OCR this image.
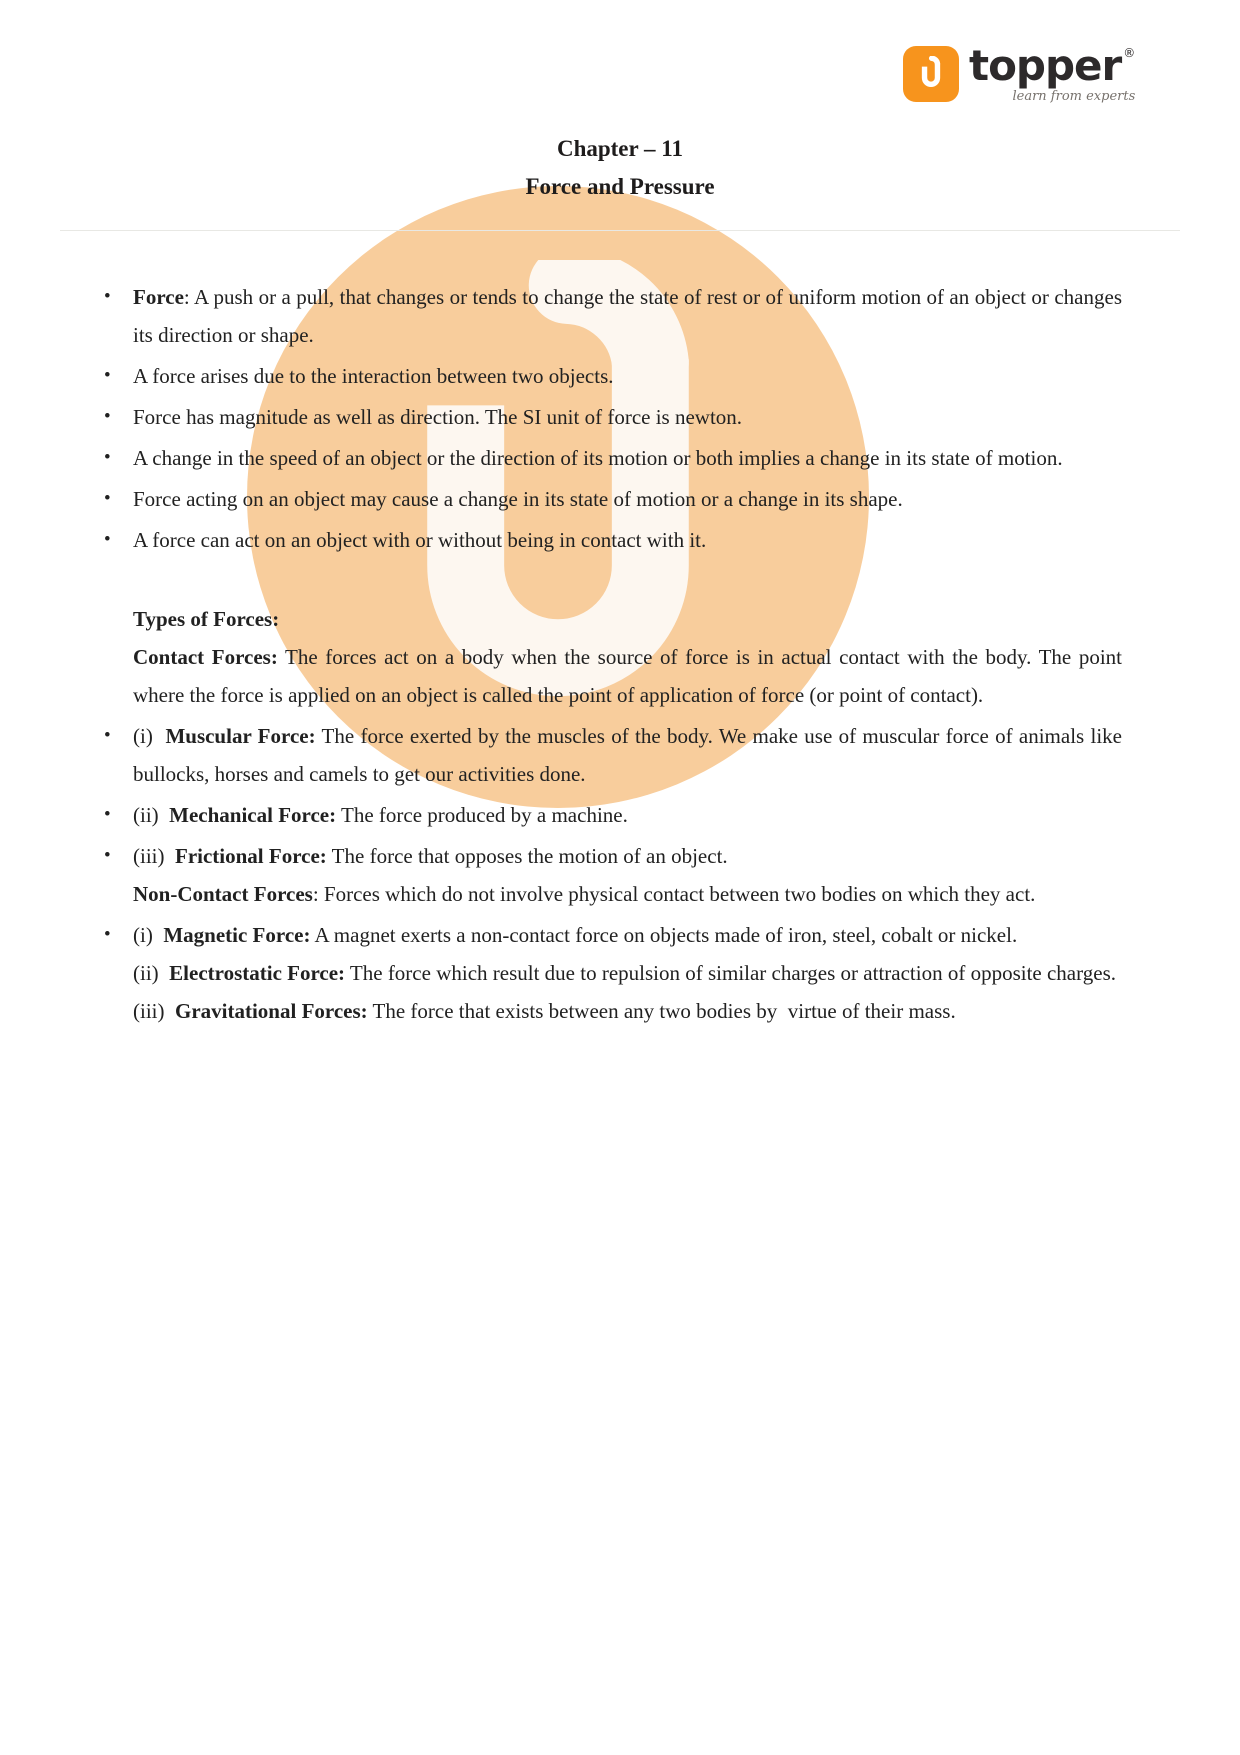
topper ®
learn from experts
Chapter – 11
Force and Pressure
•	Force: A push or a pull, that changes or tends to change the state of rest or of uniform motion of an object or changes its direction or shape.

•	A force arises due to the interaction between two objects.

•	Force has magnitude as well as direction. The SI unit of force is newton.

•	A change in the speed of an object or the direction of its motion or both implies a change in its state of motion.

•	Force acting on an object may cause a change in its state of motion or a change in its shape.

•	A force can act on an object with or without being in contact with it.

Types of Forces:

Contact Forces: The forces act on a body when the source of force is in actual contact with the body. The point where the force is applied on an object is called the point of application of force (or point of contact).

•	(i)  Muscular Force: The force exerted by the muscles of the body. We make use of muscular force of animals like bullocks, horses and camels to get our activities done.

•	(ii)  Mechanical Force: The force produced by a machine.

•	(iii)  Frictional Force: The force that opposes the motion of an object.

Non-Contact Forces: Forces which do not involve physical contact between two bodies on which they act.

•	(i)  Magnetic Force: A magnet exerts a non-contact force on objects made of iron, steel, cobalt or nickel.

(ii)  Electrostatic Force: The force which result due to repulsion of similar charges or attraction of opposite charges.

(iii)  Gravitational Forces: The force that exists between any two bodies by  virtue of their mass.
